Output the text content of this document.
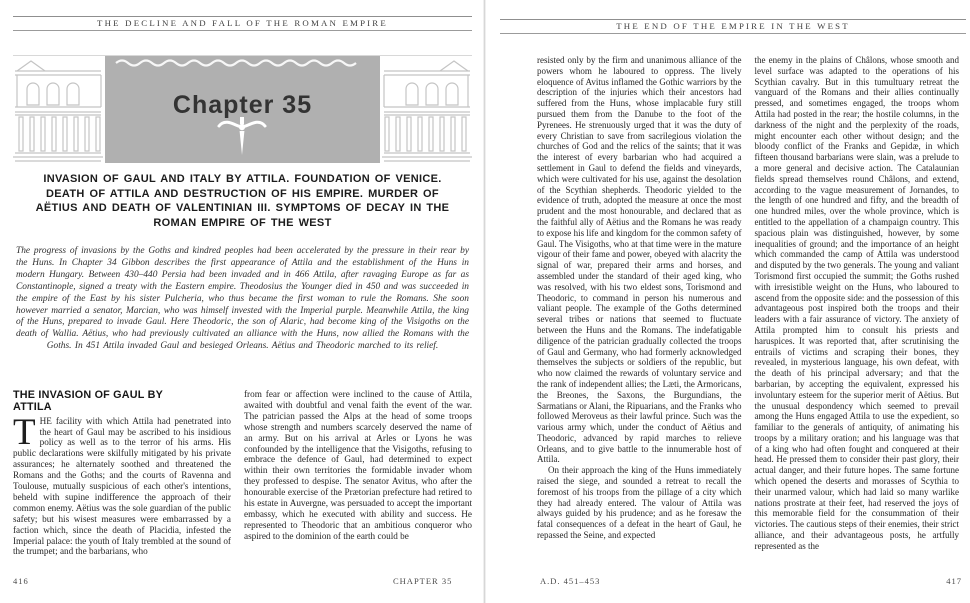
THE DECLINE AND FALL OF THE ROMAN EMPIRE
Chapter 35
INVASION OF GAUL AND ITALY BY ATTILA. FOUNDATION OF VENICE. DEATH OF ATTILA AND DESTRUCTION OF HIS EMPIRE. MURDER OF AËTIUS AND DEATH OF VALENTINIAN III. SYMPTOMS OF DECAY IN THE ROMAN EMPIRE OF THE WEST
The progress of invasions by the Goths and kindred peoples had been accelerated by the pressure in their rear by the Huns. In Chapter 34 Gibbon describes the first appearance of Attila and the establishment of the Huns in modern Hungary. Between 430–440 Persia had been invaded and in 466 Attila, after ravaging Europe as far as Constantinople, signed a treaty with the Eastern empire. Theodosius the Younger died in 450 and was succeeded in the empire of the East by his sister Pulcheria, who thus became the first woman to rule the Romans. She soon however married a senator, Marcian, who was himself invested with the Imperial purple. Meanwhile Attila, the king of the Huns, prepared to invade Gaul. Here Theodoric, the son of Alaric, had become king of the Visigoths on the death of Wallia. Aëtius, who had previously cultivated an alliance with the Huns, now allied the Romans with the Goths. In 451 Attila invaded Gaul and besieged Orleans. Aëtius and Theodoric marched to its relief.
THE INVASION OF GAUL BY ATTILA
THE facility with which Attila had penetrated into the heart of Gaul may be ascribed to his insidious policy as well as to the terror of his arms. His public declarations were skilfully mitigated by his private assurances; he alternately soothed and threatened the Romans and the Goths; and the courts of Ravenna and Toulouse, mutually suspicious of each other's intentions, beheld with supine indifference the approach of their common enemy. Aëtius was the sole guardian of the public safety; but his wisest measures were embarrassed by a faction which, since the death of Placidia, infested the Imperial palace: the youth of Italy trembled at the sound of the trumpet; and the barbarians, who
from fear or affection were inclined to the cause of Attila, awaited with doubtful and venal faith the event of the war. The patrician passed the Alps at the head of some troops whose strength and numbers scarcely deserved the name of an army. But on his arrival at Arles or Lyons he was confounded by the intelligence that the Visigoths, refusing to embrace the defence of Gaul, had determined to expect within their own territories the formidable invader whom they professed to despise. The senator Avitus, who after the honourable exercise of the Prætorian prefecture had retired to his estate in Auvergne, was persuaded to accept the important embassy, which he executed with ability and success. He represented to Theodoric that an ambitious conqueror who aspired to the dominion of the earth could be
416	CHAPTER 35
THE END OF THE EMPIRE IN THE WEST
resisted only by the firm and unanimous alliance of the powers whom he laboured to oppress. The lively eloquence of Avitus inflamed the Gothic warriors by the description of the injuries which their ancestors had suffered from the Huns, whose implacable fury still pursued them from the Danube to the foot of the Pyrenees. He strenuously urged that it was the duty of every Christian to save from sacrilegious violation the churches of God and the relics of the saints; that it was the interest of every barbarian who had acquired a settlement in Gaul to defend the fields and vineyards, which were cultivated for his use, against the desolation of the Scythian shepherds. Theodoric yielded to the evidence of truth, adopted the measure at once the most prudent and the most honourable, and declared that as the faithful ally of Aëtius and the Romans he was ready to expose his life and kingdom for the common safety of Gaul. The Visigoths, who at that time were in the mature vigour of their fame and power, obeyed with alacrity the signal of war, prepared their arms and horses, and assembled under the standard of their aged king, who was resolved, with his two eldest sons, Torismond and Theodoric, to command in person his numerous and valiant people. The example of the Goths determined several tribes or nations that seemed to fluctuate between the Huns and the Romans. The indefatigable diligence of the patrician gradually collected the troops of Gaul and Germany, who had formerly acknowledged themselves the subjects or soldiers of the republic, but who now claimed the rewards of voluntary service and the rank of independent allies; the Læti, the Armoricans, the Breones, the Saxons, the Burgundians, the Sarmatians or Alani, the Ripuarians, and the Franks who followed Meroveus as their lawful prince. Such was the various army which, under the conduct of Aëtius and Theodoric, advanced by rapid marches to relieve Orleans, and to give battle to the innumerable host of Attila.
On their approach the king of the Huns immediately raised the siege, and sounded a retreat to recall the foremost of his troops from the pillage of a city which they had already entered. The valour of Attila was always guided by his prudence; and as he foresaw the fatal consequences of a defeat in the heart of Gaul, he repassed the Seine, and expected
the enemy in the plains of Châlons, whose smooth and level surface was adapted to the operations of his Scythian cavalry. But in this tumultuary retreat the vanguard of the Romans and their allies continually pressed, and sometimes engaged, the troops whom Attila had posted in the rear; the hostile columns, in the darkness of the night and the perplexity of the roads, might encounter each other without design; and the bloody conflict of the Franks and Gepidæ, in which fifteen thousand barbarians were slain, was a prelude to a more general and decisive action. The Catalaunian fields spread themselves round Châlons, and extend, according to the vague measurement of Jornandes, to the length of one hundred and fifty, and the breadth of one hundred miles, over the whole province, which is entitled to the appellation of a champaign country. This spacious plain was distinguished, however, by some inequalities of ground; and the importance of an height which commanded the camp of Attila was understood and disputed by the two generals. The young and valiant Torismond first occupied the summit; the Goths rushed with irresistible weight on the Huns, who laboured to ascend from the opposite side: and the possession of this advantageous post inspired both the troops and their leaders with a fair assurance of victory. The anxiety of Attila prompted him to consult his priests and haruspices. It was reported that, after scrutinising the entrails of victims and scraping their bones, they revealed, in mysterious language, his own defeat, with the death of his principal adversary; and that the barbarian, by accepting the equivalent, expressed his involuntary esteem for the superior merit of Aëtius. But the unusual despondency which seemed to prevail among the Huns engaged Attila to use the expedient, so familiar to the generals of antiquity, of animating his troops by a military oration; and his language was that of a king who had often fought and conquered at their head. He pressed them to consider their past glory, their actual danger, and their future hopes. The same fortune which opened the deserts and morasses of Scythia to their unarmed valour, which had laid so many warlike nations prostrate at their feet, had reserved the joys of this memorable field for the consummation of their victories. The cautious steps of their enemies, their strict alliance, and their advantageous posts, he artfully represented as the
A.D. 451–453	417
